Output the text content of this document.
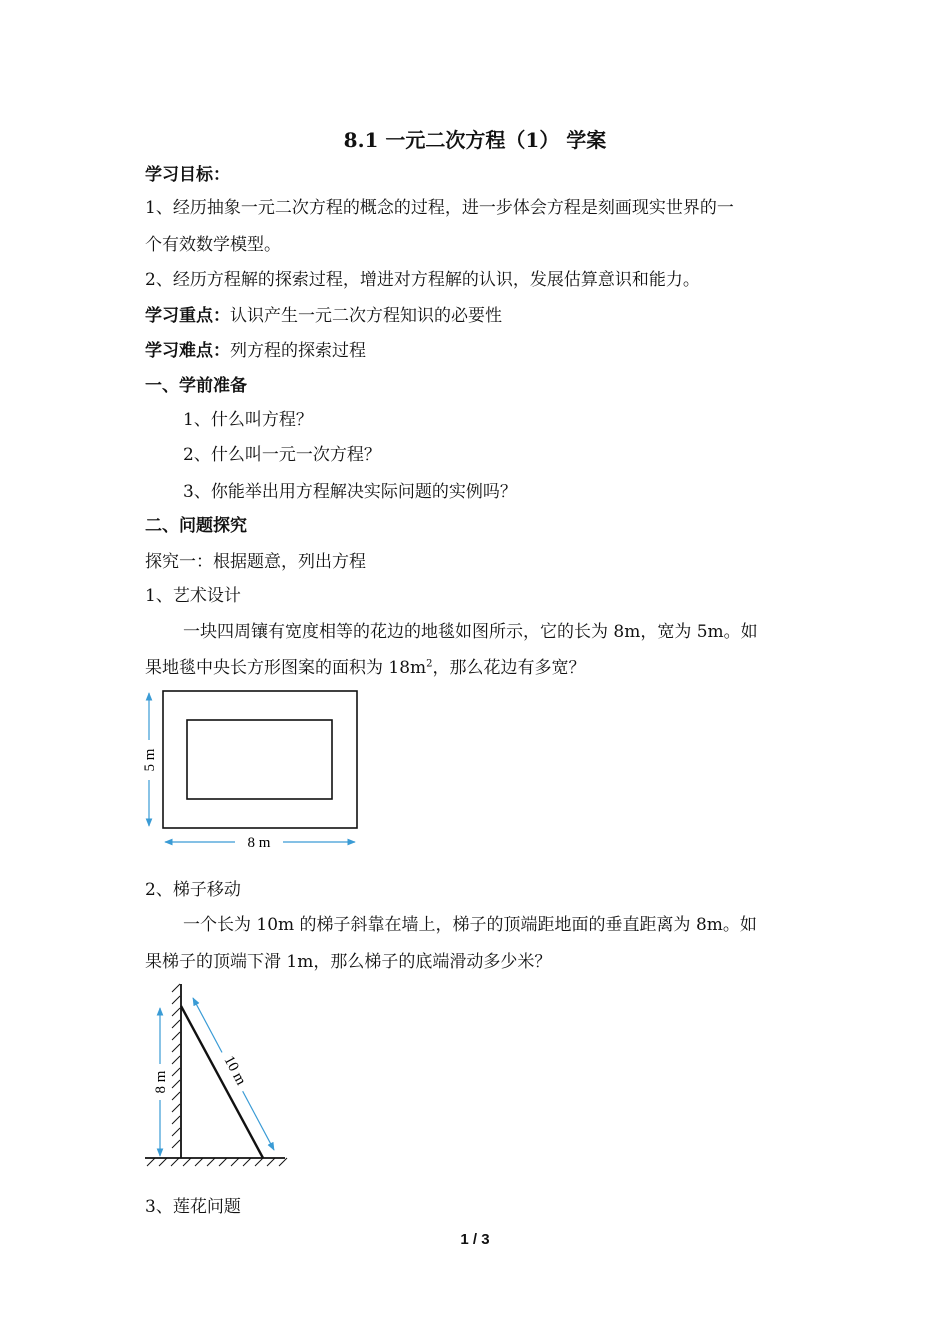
8.1 一元二次方程（1） 学案
学习目标：
1、经历抽象一元二次方程的概念的过程，进一步体会方程是刻画现实世界的一
个有效数学模型。
2、经历方程解的探索过程，增进对方程解的认识，发展估算意识和能力。
学习重点：认识产生一元二次方程知识的必要性
学习难点：列方程的探索过程
一、学前准备
1、什么叫方程？
2、什么叫一元一次方程？
3、你能举出用方程解决实际问题的实例吗？
二、问题探究
探究一：根据题意，列出方程
1、艺术设计
一块四周镶有宽度相等的花边的地毯如图所示，它的长为 8m，宽为 5m。如
果地毯中央长方形图案的面积为 $18m^2$，那么花边有多宽？
8 m
5 m
2、梯子移动
一个长为 10m 的梯子斜靠在墙上，梯子的顶端距地面的垂直距离为 8m。如
果梯子的顶端下滑 1m，那么梯子的底端滑动多少米？
8 m	10 m
3、莲花问题
1 / 3
